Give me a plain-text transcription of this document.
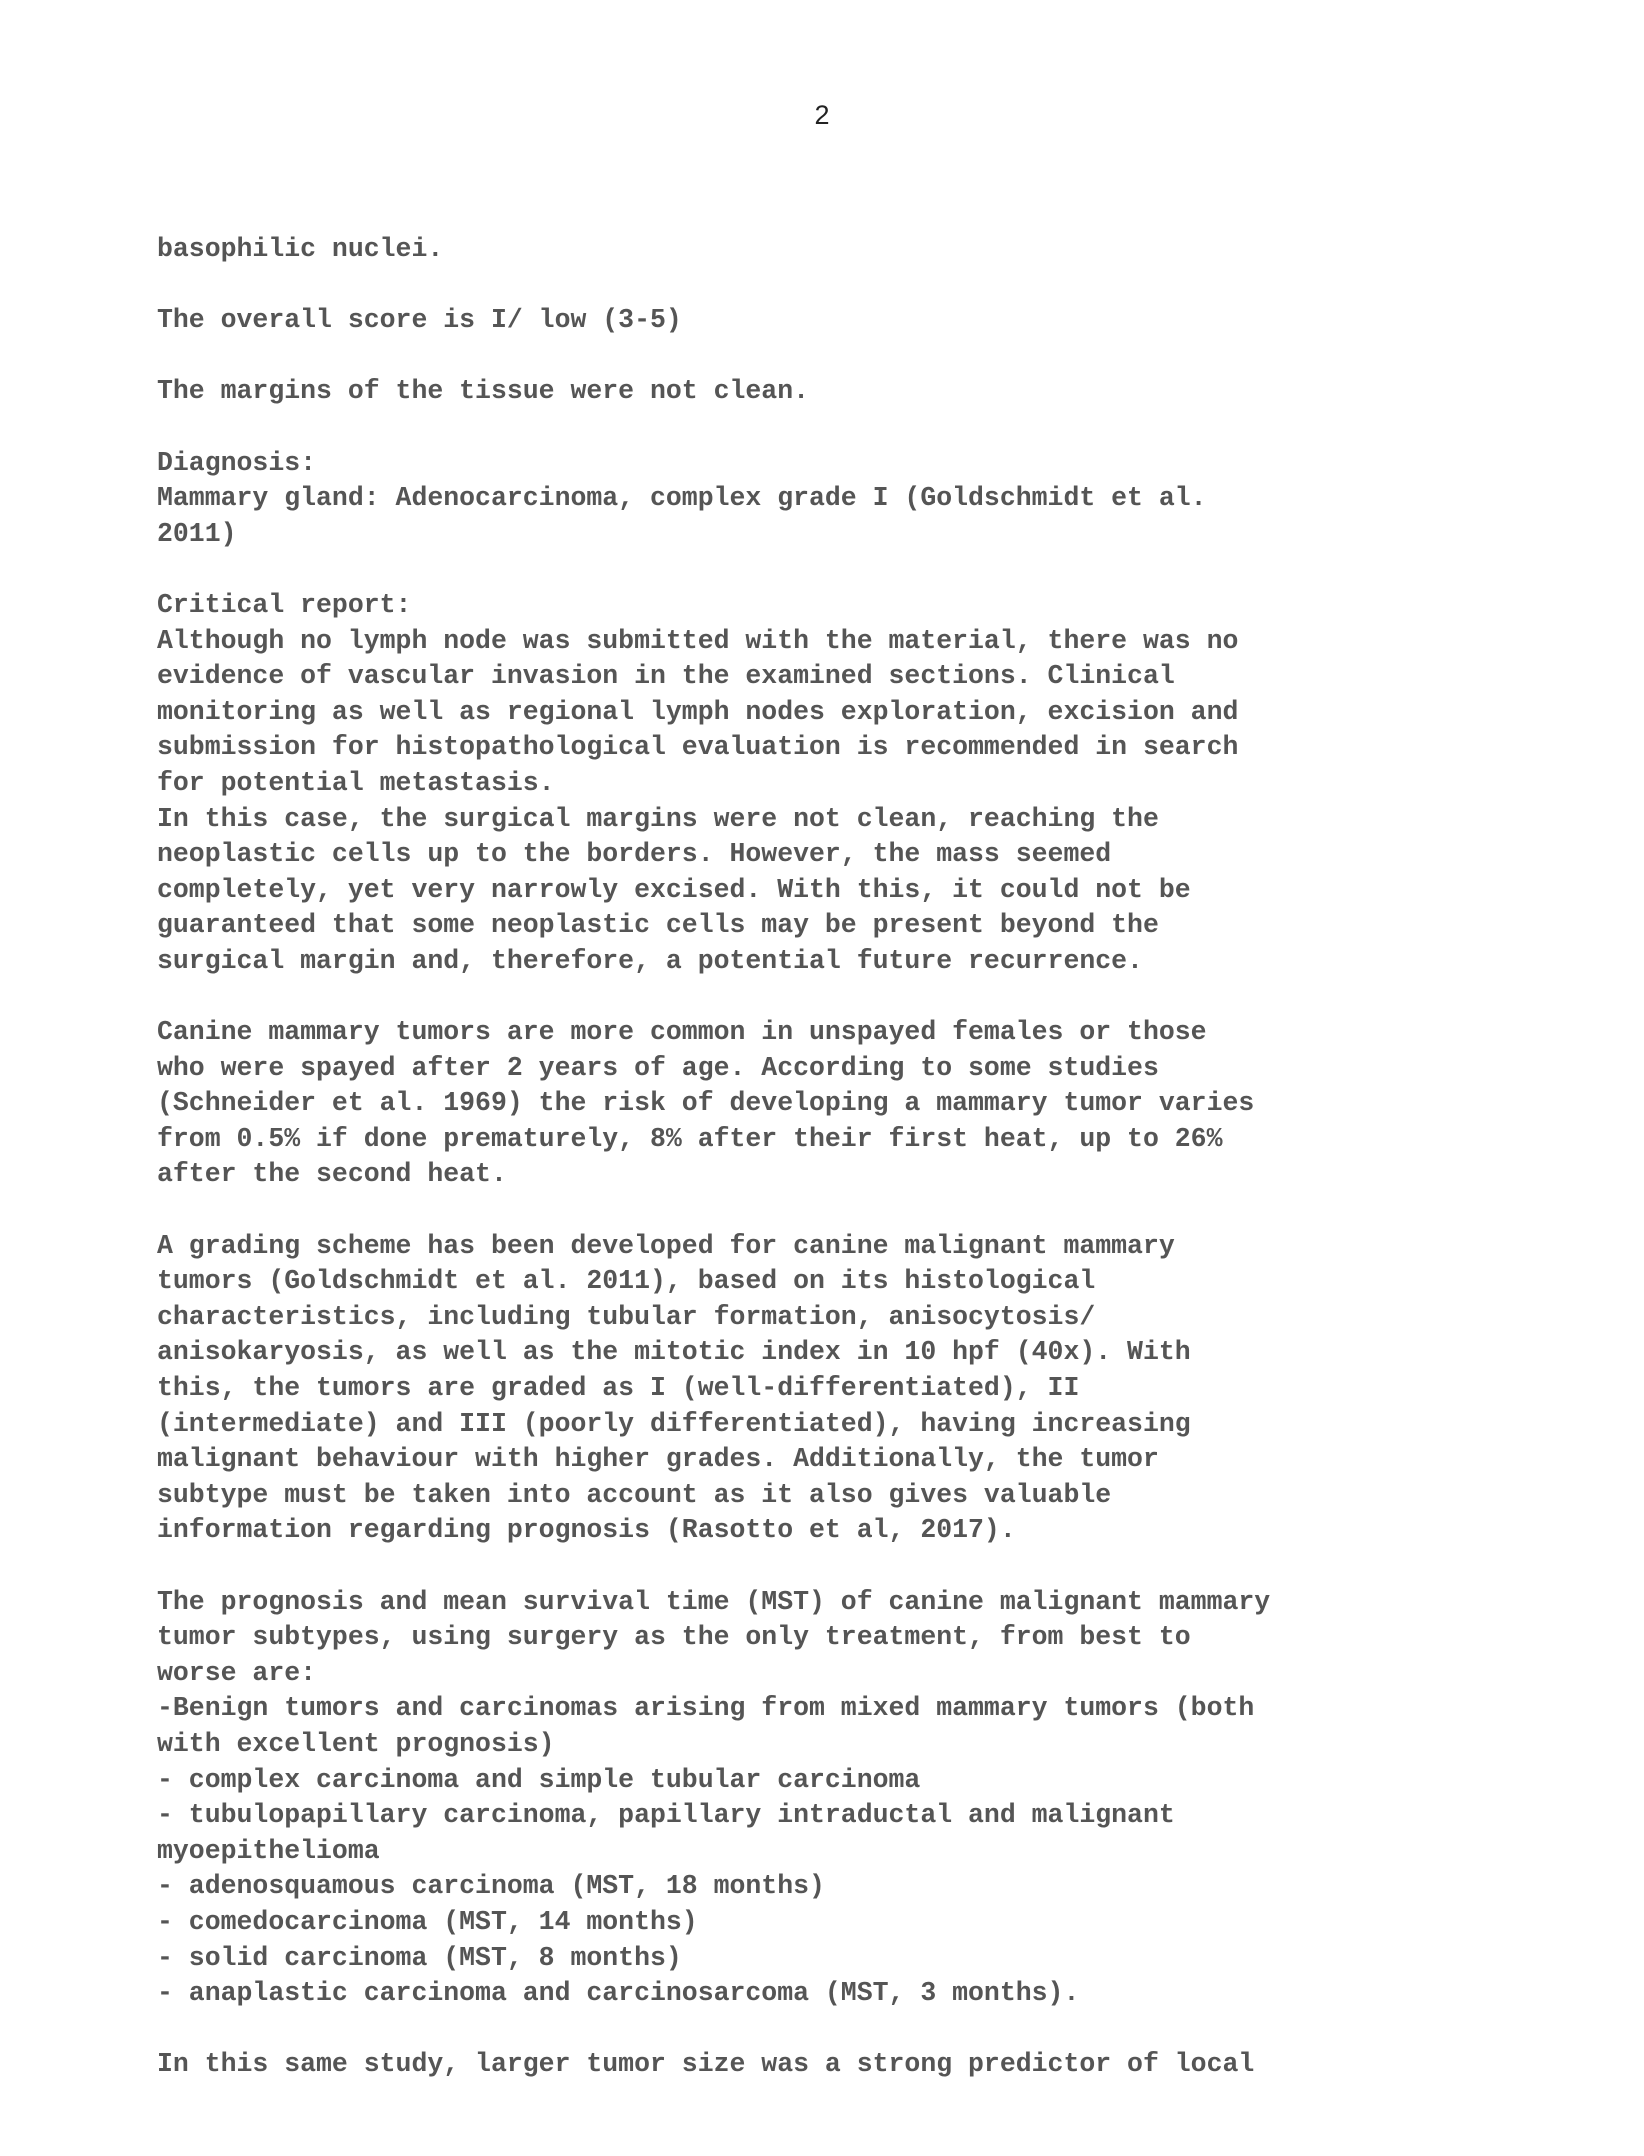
2
basophilic nuclei.
The overall score is I/ low (3-5)
The margins of the tissue were not clean.
Diagnosis:
Mammary gland: Adenocarcinoma, complex grade I (Goldschmidt et al.
2011)
Critical report:
Although no lymph node was submitted with the material, there was no
evidence of vascular invasion in the examined sections. Clinical
monitoring as well as regional lymph nodes exploration, excision and
submission for histopathological evaluation is recommended in search
for potential metastasis.
In this case, the surgical margins were not clean, reaching the
neoplastic cells up to the borders. However, the mass seemed
completely, yet very narrowly excised. With this, it could not be
guaranteed that some neoplastic cells may be present beyond the
surgical margin and, therefore, a potential future recurrence.
Canine mammary tumors are more common in unspayed females or those
who were spayed after 2 years of age. According to some studies
(Schneider et al. 1969) the risk of developing a mammary tumor varies
from 0.5% if done prematurely, 8% after their first heat, up to 26%
after the second heat.
A grading scheme has been developed for canine malignant mammary
tumors (Goldschmidt et al. 2011), based on its histological
characteristics, including tubular formation, anisocytosis/
anisokaryosis, as well as the mitotic index in 10 hpf (40x). With
this, the tumors are graded as I (well-differentiated), II
(intermediate) and III (poorly differentiated), having increasing
malignant behaviour with higher grades. Additionally, the tumor
subtype must be taken into account as it also gives valuable
information regarding prognosis (Rasotto et al, 2017).
The prognosis and mean survival time (MST) of canine malignant mammary
tumor subtypes, using surgery as the only treatment, from best to
worse are:
-Benign tumors and carcinomas arising from mixed mammary tumors (both
with excellent prognosis)
- complex carcinoma and simple tubular carcinoma
- tubulopapillary carcinoma, papillary intraductal and malignant
myoepithelioma
- adenosquamous carcinoma (MST, 18 months)
- comedocarcinoma (MST, 14 months)
- solid carcinoma (MST, 8 months)
- anaplastic carcinoma and carcinosarcoma (MST, 3 months).
In this same study, larger tumor size was a strong predictor of local
